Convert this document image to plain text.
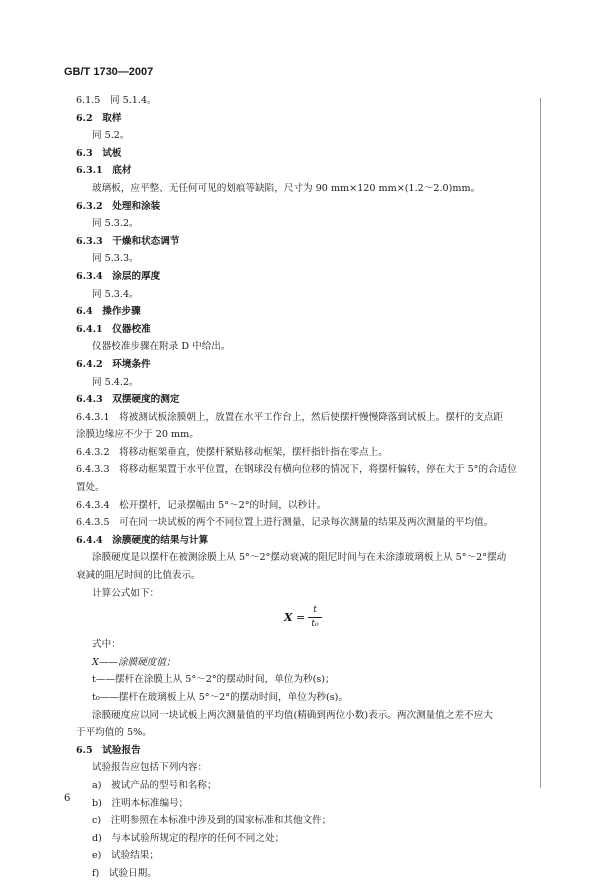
GB/T 1730—2007
6.1.5　同 5.1.4。
6.2　取样
同 5.2。
6.3　试板
6.3.1　底材
玻璃板，应平整、无任何可见的划痕等缺陷，尺寸为 90 mm×120 mm×(1.2～2.0)mm。
6.3.2　处理和涂装
同 5.3.2。
6.3.3　干燥和状态调节
同 5.3.3。
6.3.4　涂层的厚度
同 5.3.4。
6.4　操作步骤
6.4.1　仪器校准
仪器校准步骤在附录 D 中给出。
6.4.2　环境条件
同 5.4.2。
6.4.3　双摆硬度的测定
6.4.3.1　将被测试板涂膜朝上，放置在水平工作台上，然后使摆杆慢慢降落到试板上。摆杆的支点距
涂膜边缘应不少于 20 mm。
6.4.3.2　将移动框架垂直，使摆杆紧贴移动框架，摆杆指针指在零点上。
6.4.3.3　将移动框架置于水平位置，在钢球没有横向位移的情况下，将摆杆偏转，停在大于 5°的合适位
置处。
6.4.3.4　松开摆杆，记录摆幅由 5°～2°的时间，以秒计。
6.4.3.5　可在同一块试板的两个不同位置上进行测量，记录每次测量的结果及两次测量的平均值。
6.4.4　涂膜硬度的结果与计算
涂膜硬度是以摆杆在被测涂膜上从 5°～2°摆动衰减的阻尼时间与在未涂漆玻璃板上从 5°～2°摆动
衰减的阻尼时间的比值表示。
计算公式如下：
$X = \frac{t}{\text{t₀}}$
式中：
X——涂膜硬度值；
t——摆杆在涂膜上从 5°～2°的摆动时间，单位为秒(s)；
t₀——摆杆在玻璃板上从 5°～2°的摆动时间，单位为秒(s)。
涂膜硬度应以同一块试板上两次测量值的平均值(精确到两位小数)表示。两次测量值之差不应大
于平均值的 5%。
6.5　试验报告
试验报告应包括下列内容：
a)　被试产品的型号和名称；
b)　注明本标准编号；
c)　注明参照在本标准中涉及到的国家标准和其他文件；
d)　与本试验所规定的程序的任何不同之处；
e)　试验结果；
f)　试验日期。
6
